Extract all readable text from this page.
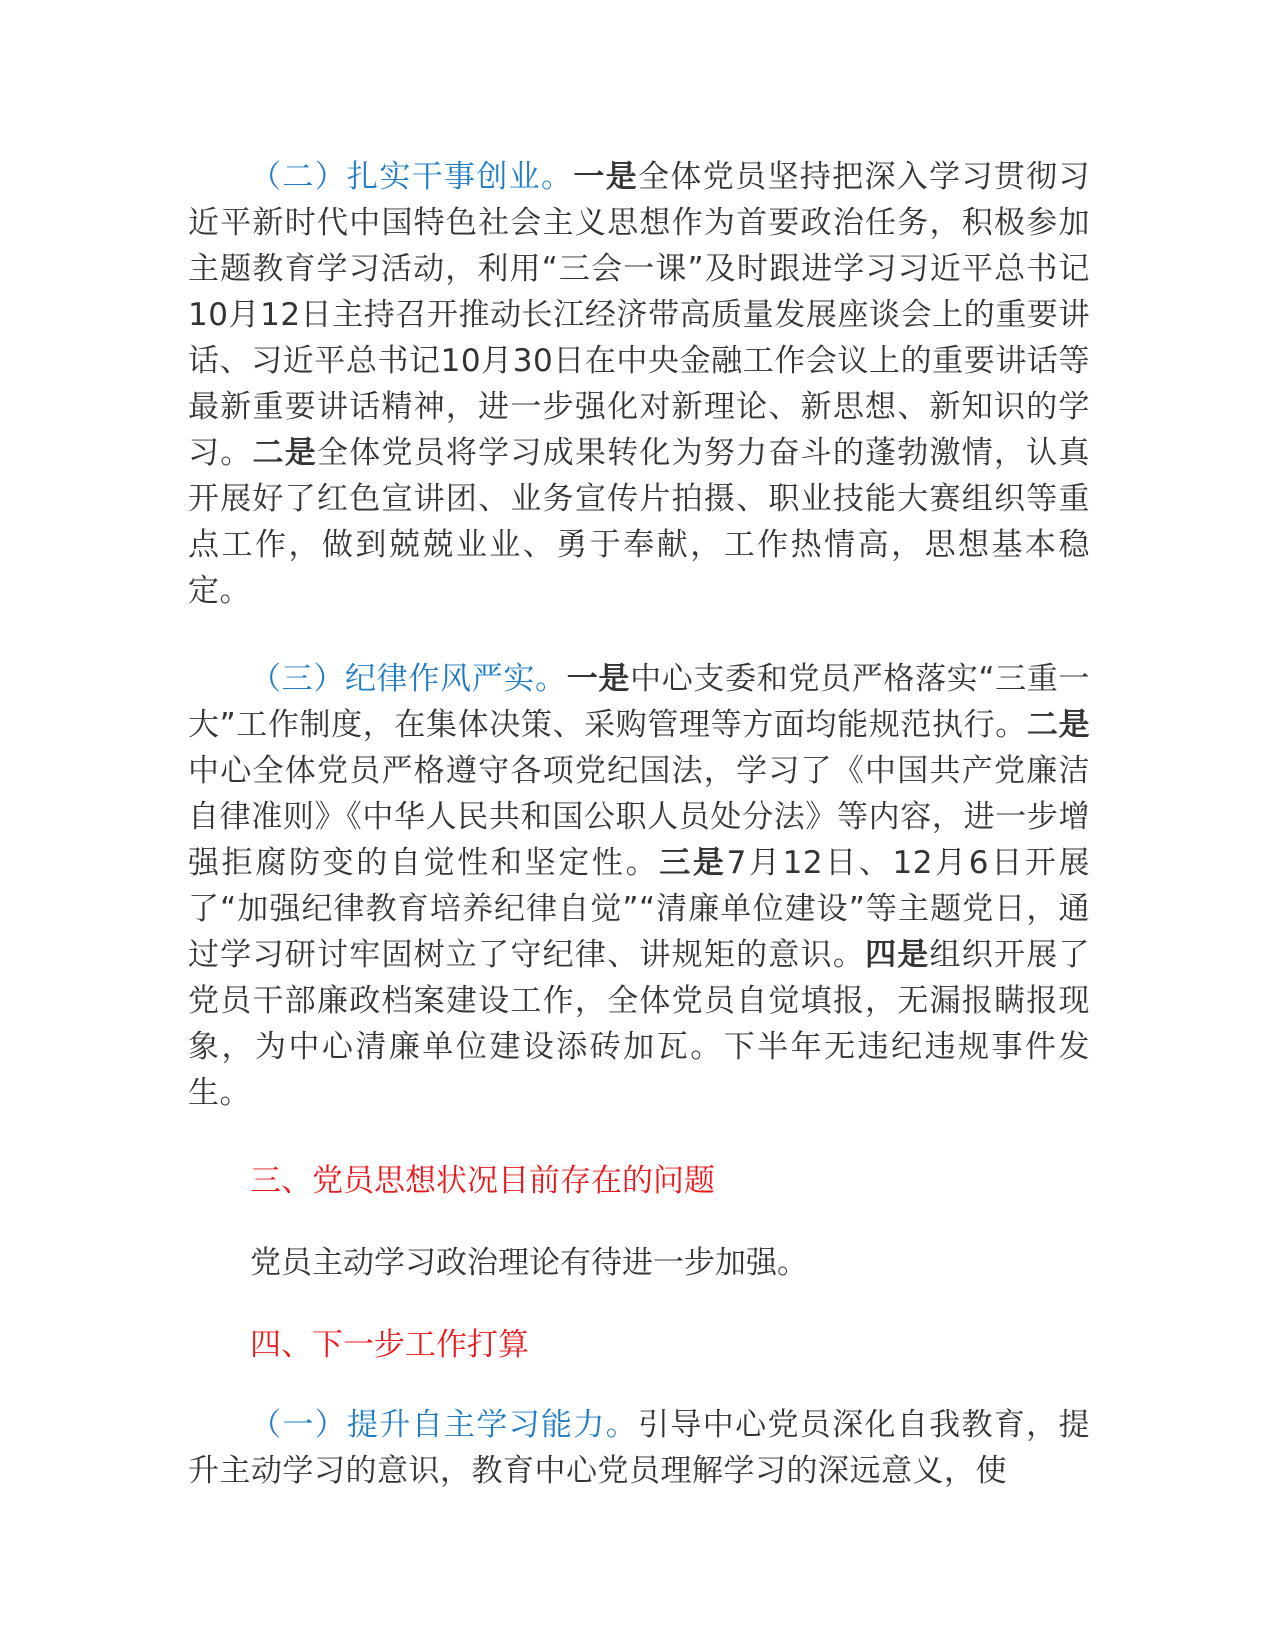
（二）扎实干事创业。一是全体党员坚持把深入学习贯彻习近平新时代中国特色社会主义思想作为首要政治任务，积极参加主题教育学习活动，利用“三会一课”及时跟进学习习近平总书记10月12日主持召开推动长江经济带高质量发展座谈会上的重要讲话、习近平总书记10月30日在中央金融工作会议上的重要讲话等最新重要讲话精神，进一步强化对新理论、新思想、新知识的学习。二是全体党员将学习成果转化为努力奋斗的蓬勃激情，认真开展好了红色宣讲团、业务宣传片拍摄、职业技能大赛组织等重点工作，做到兢兢业业、勇于奉献，工作热情高，思想基本稳定。

（三）纪律作风严实。一是中心支委和党员严格落实“三重一大”工作制度，在集体决策、采购管理等方面均能规范执行。二是中心全体党员严格遵守各项党纪国法，学习了《中国共产党廉洁自律准则》《中华人民共和国公职人员处分法》等内容，进一步增强拒腐防变的自觉性和坚定性。三是7月12日、12月6日开展了“加强纪律教育培养纪律自觉”“清廉单位建设”等主题党日，通过学习研讨牢固树立了守纪律、讲规矩的意识。四是组织开展了党员干部廉政档案建设工作，全体党员自觉填报，无漏报瞒报现象，为中心清廉单位建设添砖加瓦。下半年无违纪违规事件发生。

三、党员思想状况目前存在的问题

党员主动学习政治理论有待进一步加强。

四、下一步工作打算

（一）提升自主学习能力。引导中心党员深化自我教育，提升主动学习的意识，教育中心党员理解学习的深远意义，使
